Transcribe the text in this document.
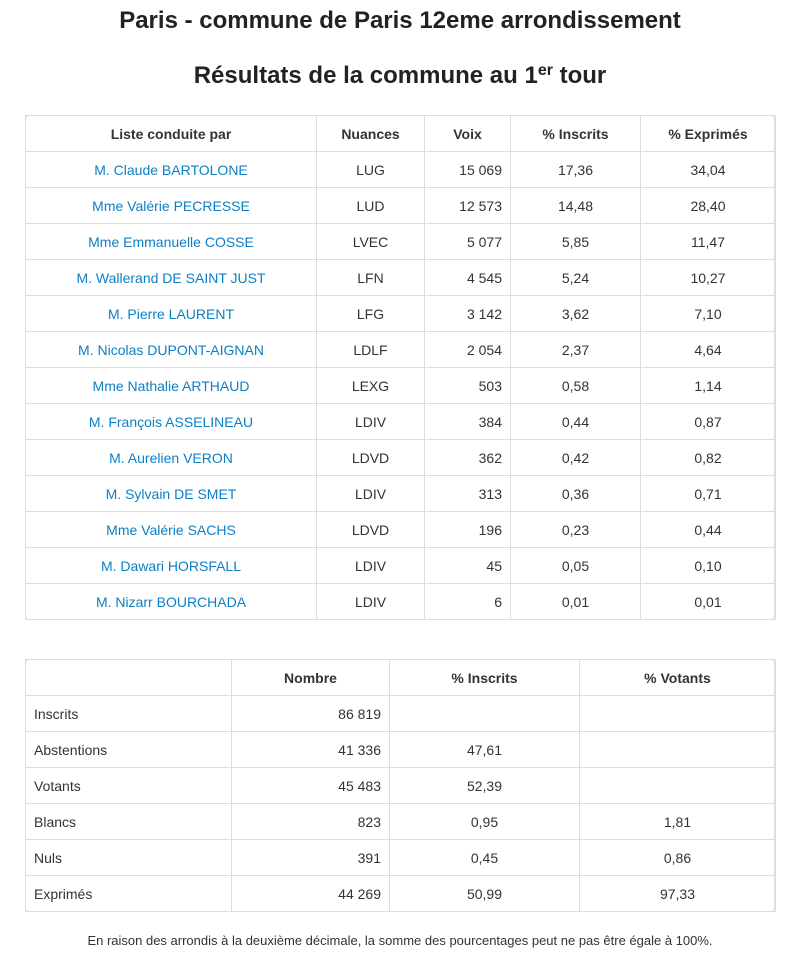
Paris - commune de Paris 12eme arrondissement
Résultats de la commune au 1er tour
Liste conduite par	Nuances	Voix	% Inscrits	% Exprimés
M. Claude BARTOLONE	LUG	15 069	17,36	34,04
Mme Valérie PECRESSE	LUD	12 573	14,48	28,40
Mme Emmanuelle COSSE	LVEC	5 077	5,85	11,47
M. Wallerand DE SAINT JUST	LFN	4 545	5,24	10,27
M. Pierre LAURENT	LFG	3 142	3,62	7,10
M. Nicolas DUPONT-AIGNAN	LDLF	2 054	2,37	4,64
Mme Nathalie ARTHAUD	LEXG	503	0,58	1,14
M. François ASSELINEAU	LDIV	384	0,44	0,87
M. Aurelien VERON	LDVD	362	0,42	0,82
M. Sylvain DE SMET	LDIV	313	0,36	0,71
Mme Valérie SACHS	LDVD	196	0,23	0,44
M. Dawari HORSFALL	LDIV	45	0,05	0,10
M. Nizarr BOURCHADA	LDIV	6	0,01	0,01
	Nombre	% Inscrits	% Votants
Inscrits	86 819		
Abstentions	41 336	47,61	
Votants	45 483	52,39	
Blancs	823	0,95	1,81
Nuls	391	0,45	0,86
Exprimés	44 269	50,99	97,33
En raison des arrondis à la deuxième décimale, la somme des pourcentages peut ne pas être égale à 100%.
